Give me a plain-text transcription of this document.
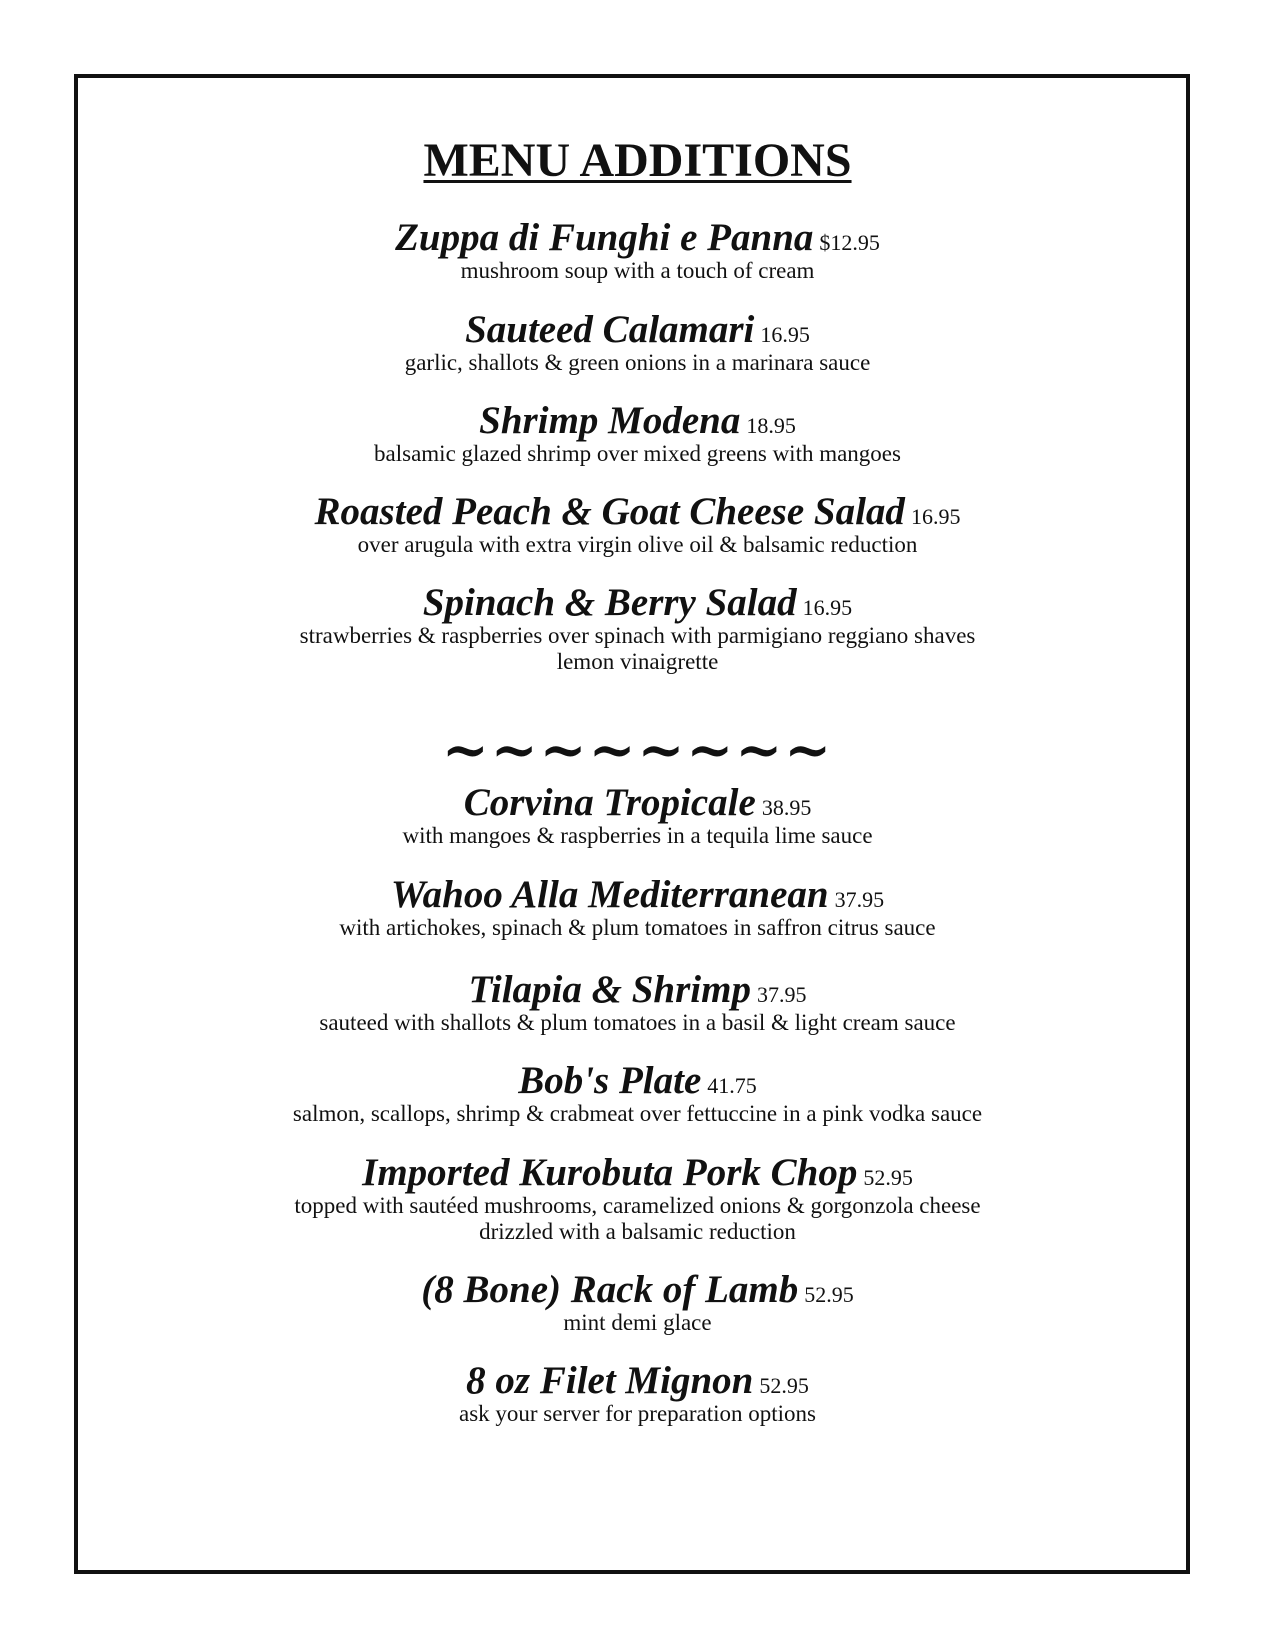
MENU ADDITIONS
Zuppa di Funghi e Panna $12.95
mushroom soup with a touch of cream
Sauteed Calamari 16.95
garlic, shallots & green onions in a marinara sauce
Shrimp Modena 18.95
balsamic glazed shrimp over mixed greens with mangoes
Roasted Peach & Goat Cheese Salad 16.95
over arugula with extra virgin olive oil & balsamic reduction
Spinach & Berry Salad 16.95
strawberries & raspberries over spinach with parmigiano reggiano shaves
lemon vinaigrette
~~~~~~~~
Corvina Tropicale 38.95
with mangoes & raspberries in a tequila lime sauce
Wahoo Alla Mediterranean 37.95
with artichokes, spinach & plum tomatoes in saffron citrus sauce
Tilapia & Shrimp 37.95
sauteed with shallots & plum tomatoes in a basil & light cream sauce
Bob's Plate 41.75
salmon, scallops, shrimp & crabmeat over fettuccine in a pink vodka sauce
Imported Kurobuta Pork Chop 52.95
topped with sautéed mushrooms, caramelized onions & gorgonzola cheese
drizzled with a balsamic reduction
(8 Bone) Rack of Lamb 52.95
mint demi glace
8 oz Filet Mignon 52.95
ask your server for preparation options
